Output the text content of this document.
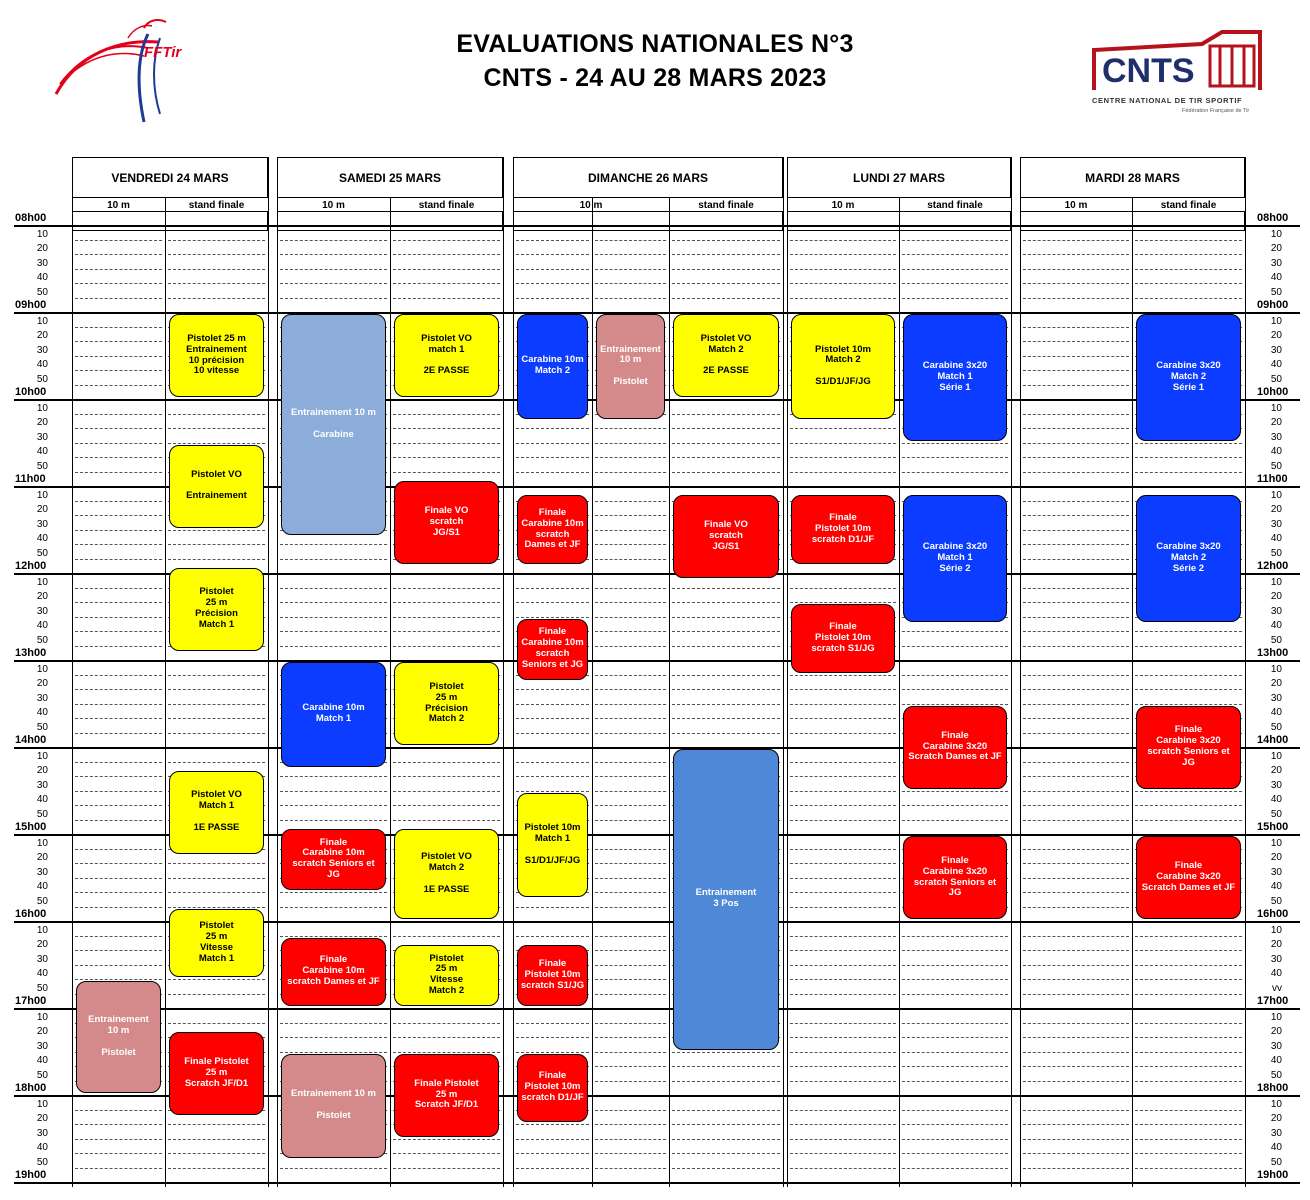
FFTir	EVALUATIONS NATIONALES N°3
CNTS - 24 AU 28 MARS 2023	CNTS
CENTRE NATIONAL DE TIR SPORTIF
Fédération Française de Tir
VENDREDI 24 MARS
10 m	stand finale
SAMEDI 25 MARS
10 m	stand finale
DIMANCHE 26 MARS
10 m	stand finale
LUNDI 27 MARS
10 m	stand finale
MARDI 28 MARS
10 m	stand finale
08h00	08h00
10	10
20	20
30	30
40	40
50	50
09h00	09h00
10	10
20	20
30	30
40	40
50	50
10h00	10h00
10	10
20	20
30	30
40	40
50	50
11h00	11h00
10	10
20	20
30	30
40	40
50	50
12h00	12h00
10	10
20	20
30	30
40	40
50	50
13h00	13h00
10	10
20	20
30	30
40	40
50	50
14h00	14h00
10	10
20	20
30	30
40	40
50	50
15h00	15h00
10	10
20	20
30	30
40	40
50	50
16h00	16h00
10	10
20	20
30	30
40	40
50	vv
17h00	17h00
10	10
20	20
30	30
40	40
50	50
18h00	18h00
10	10
20	20
30	30
40	40
50	50
19h00	19h00
Pistolet 25 m
Entrainement
10 précision
10 vitesse
Pistolet VO

Entrainement
Pistolet
25 m
Précision
Match 1
Pistolet VO
Match 1

1E PASSE
Pistolet
25 m
Vitesse
Match 1
Entrainement
10 m

Pistolet
Finale Pistolet
25 m
Scratch JF/D1
Entrainement 10 m

Carabine
Pistolet VO
match 1

2E PASSE
Finale VO
scratch
JG/S1
Carabine 10m
Match 1
Pistolet
25 m
Précision
Match 2
Finale
Carabine 10m
scratch Seniors et
JG
Pistolet VO
Match 2

1E PASSE
Finale
Carabine 10m
scratch Dames et JF
Pistolet
25 m
Vitesse
Match 2
Entrainement 10 m

Pistolet
Finale Pistolet
25 m
Scratch JF/D1
Carabine 10m
Match 2
Entrainement
10 m

Pistolet
Pistolet VO
Match 2

2E PASSE
Finale
Carabine 10m
scratch Dames et JF
Finale VO
scratch
JG/S1
Finale
Carabine 10m
scratch Seniors et JG
Entrainement
3 Pos
Pistolet 10m
Match 1

S1/D1/JF/JG
Finale
Pistolet 10m
scratch S1/JG
Finale
Pistolet 10m
scratch D1/JF
Pistolet 10m
Match 2

S1/D1/JF/JG
Carabine 3x20
Match 1
Série 1
Finale
Pistolet 10m
scratch D1/JF
Carabine 3x20
Match 1
Série 2
Finale
Pistolet 10m
scratch S1/JG
Finale
Carabine 3x20
Scratch Dames et JF
Finale
Carabine 3x20
scratch Seniors et
JG
Carabine 3x20
Match 2
Série 1
Carabine 3x20
Match 2
Série 2
Finale
Carabine 3x20
scratch Seniors et
JG
Finale
Carabine 3x20
Scratch Dames et JF
